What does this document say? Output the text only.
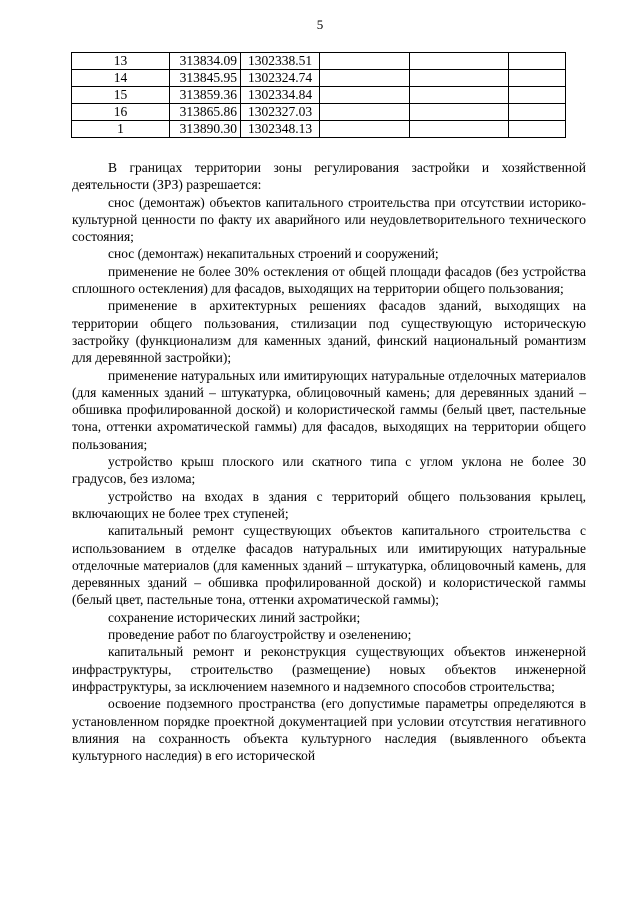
5
13	313834.09	1302338.51			
14	313845.95	1302324.74			
15	313859.36	1302334.84			
16	313865.86	1302327.03			
1	313890.30	1302348.13			

В границах территории зоны регулирования застройки и хозяйственной деятельности (ЗРЗ) разрешается:

снос (демонтаж) объектов капитального строительства при отсутствии историко-культурной ценности по факту их аварийного или неудовлетворительного технического состояния;

снос (демонтаж) некапитальных строений и сооружений;

применение не более 30% остекления от общей площади фасадов (без устройства сплошного остекления) для фасадов, выходящих на территории общего пользования;

применение в архитектурных решениях фасадов зданий, выходящих на территории общего пользования, стилизации под существующую историческую застройку (функционализм для каменных зданий, финский национальный романтизм для деревянной застройки);

применение натуральных или имитирующих натуральные отделочных материалов (для каменных зданий – штукатурка, облицовочный камень; для деревянных зданий – обшивка профилированной доской) и колористической гаммы (белый цвет, пастельные тона, оттенки ахроматической гаммы) для фасадов, выходящих на территории общего пользования;

устройство крыш плоского или скатного типа с углом уклона не более 30 градусов, без излома;

устройство на входах в здания с территорий общего пользования крылец, включающих не более трех ступеней;

капитальный ремонт существующих объектов капитального строительства с использованием в отделке фасадов натуральных или имитирующих натуральные отделочные материалов (для каменных зданий – штукатурка, облицовочный камень, для деревянных зданий – обшивка профилированной доской) и колористической гаммы (белый цвет, пастельные тона, оттенки ахроматической гаммы);

сохранение исторических линий застройки;

проведение работ по благоустройству и озеленению;

капитальный ремонт и реконструкция существующих объектов инженерной инфраструктуры, строительство (размещение) новых объектов инженерной инфраструктуры, за исключением наземного и надземного способов строительства;

освоение подземного пространства (его допустимые параметры определяются в установленном порядке проектной документацией при условии отсутствия негативного влияния на сохранность объекта культурного наследия (выявленного объекта культурного наследия) в его исторической
